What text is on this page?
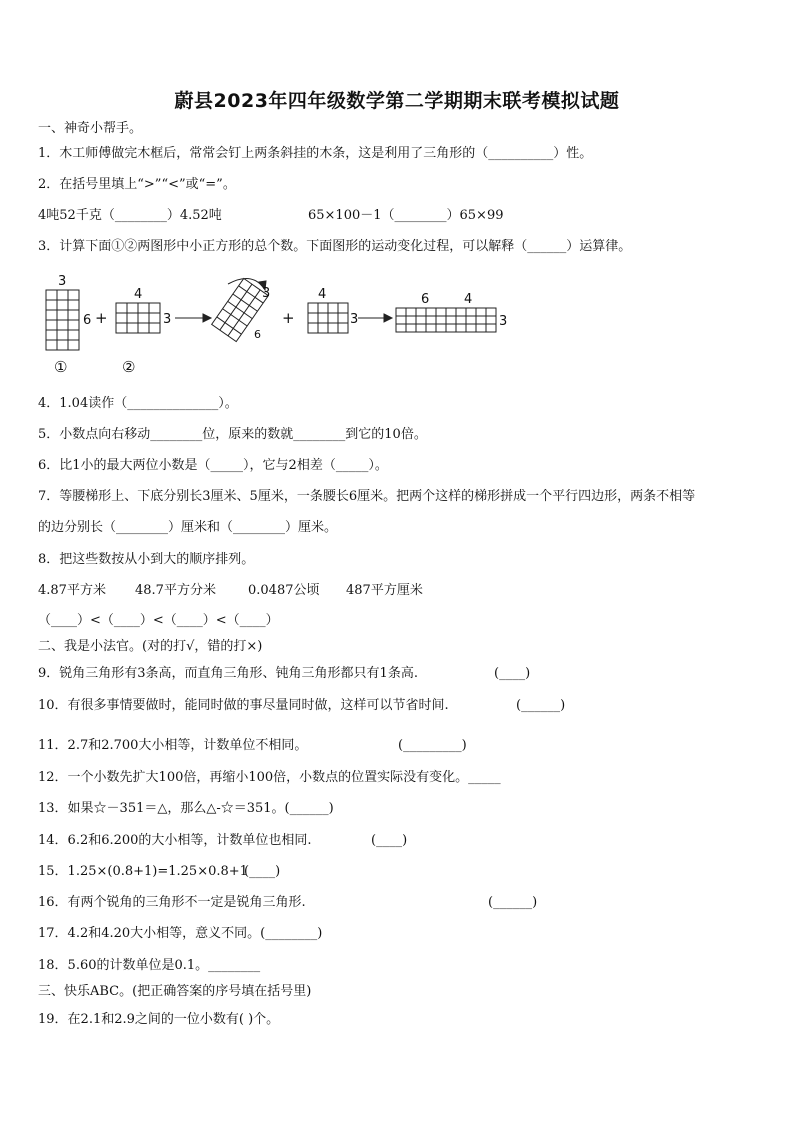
蔚县2023年四年级数学第二学期期末联考模拟试题
一、神奇小帮手。
1．木工师傅做完木框后，常常会钉上两条斜挂的木条，这是利用了三角形的（__________）性。
2．在括号里填上“>”“<”或“=”。
4吨52千克（________）4.52吨	65×100－1（________）65×99
3．计算下面①②两图形中小正方形的总个数。下面图形的运动变化过程，可以解释（______）运算律。
3
6 +
4
3
3
6
+
4
3
6	4
3
①	②
4．1.04读作（______________）。
5．小数点向右移动________位，原来的数就________到它的10倍。
6．比1小的最大两位小数是（_____），它与2相差（_____）。
7．等腰梯形上、下底分别长3厘米、5厘米，一条腰长6厘米。把两个这样的梯形拼成一个平行四边形，两条不相等
的边分别长（________）厘米和（________）厘米。
8．把这些数按从小到大的顺序排列。
4.87平方米 48.7平方分米 0.0487公顷 487平方厘米
（____）<（____）<（____）<（____）
二、我是小法官。(对的打√，错的打×)
9．锐角三角形有3条高，而直角三角形、钝角三角形都只有1条高.	(____)
10．有很多事情要做时，能同时做的事尽量同时做，这样可以节省时间.	(______)
11．2.7和2.700大小相等，计数单位不相同。	(_________)
12．一个小数先扩大100倍，再缩小100倍，小数点的位置实际没有变化。_____
13．如果☆－351＝△，那么△-☆＝351。(______)
14．6.2和6.200的大小相等，计数单位也相同.	(____)
15．1.25×(0.8+1)=1.25×0.8+1
(____)
16．有两个锐角的三角形不一定是锐角三角形.	(______)
17．4.2和4.20大小相等，意义不同。(________)
18．5.60的计数单位是0.1。________
三、快乐ABC。(把正确答案的序号填在括号里)
19．在2.1和2.9之间的一位小数有( )个。
